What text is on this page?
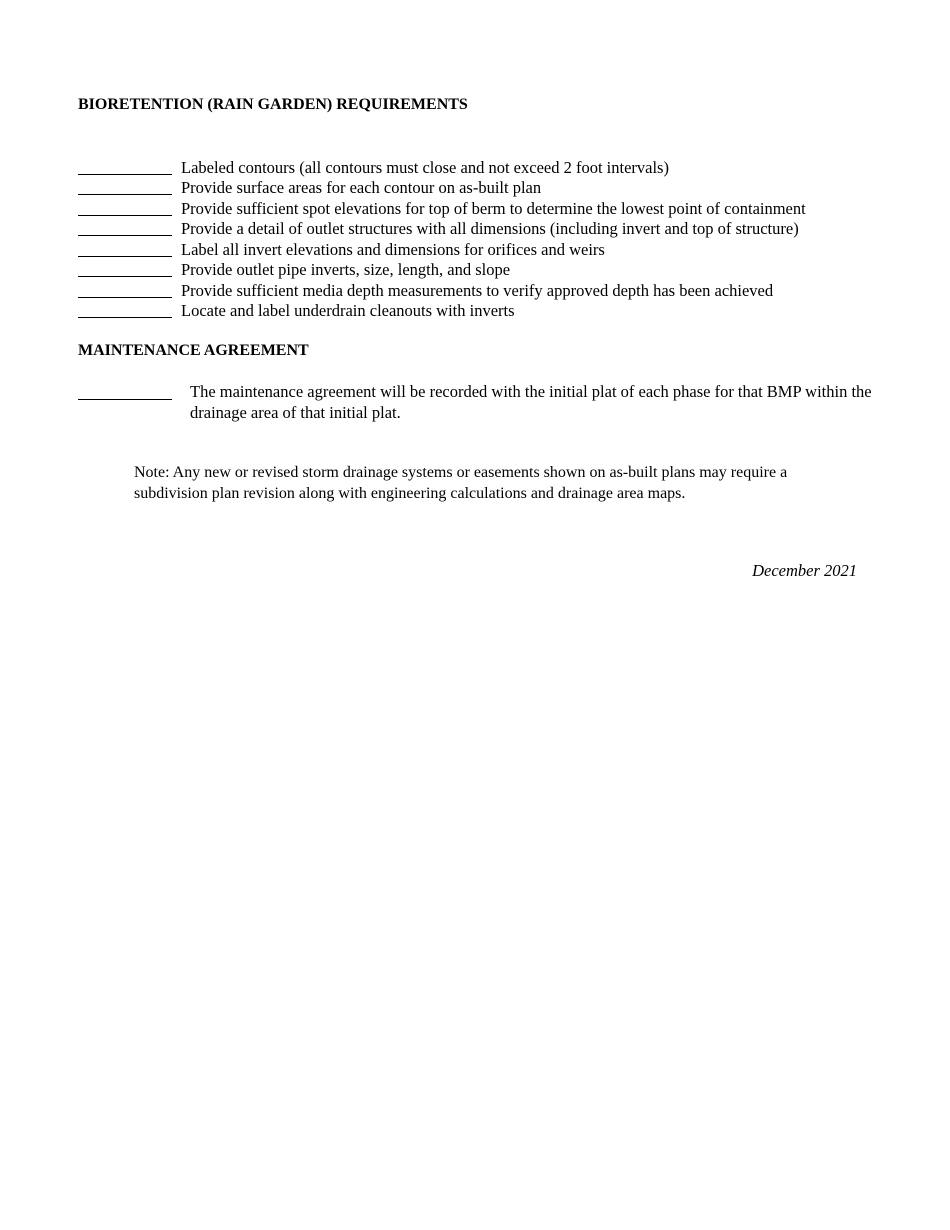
BIORETENTION (RAIN GARDEN) REQUIREMENTS
Labeled contours (all contours must close and not exceed 2 foot intervals)
Provide surface areas for each contour on as-built plan
Provide sufficient spot elevations for top of berm to determine the lowest point of containment
Provide a detail of outlet structures with all dimensions (including invert and top of structure)
Label all invert elevations and dimensions for orifices and weirs
Provide outlet pipe inverts, size, length, and slope
Provide sufficient media depth measurements to verify approved depth has been achieved
Locate and label underdrain cleanouts with inverts
MAINTENANCE AGREEMENT
The maintenance agreement will be recorded with the initial plat of each phase for that BMP within the drainage area of that initial plat.
Note: Any new or revised storm drainage systems or easements shown on as-built plans may require a subdivision plan revision along with engineering calculations and drainage area maps.
December 2021
